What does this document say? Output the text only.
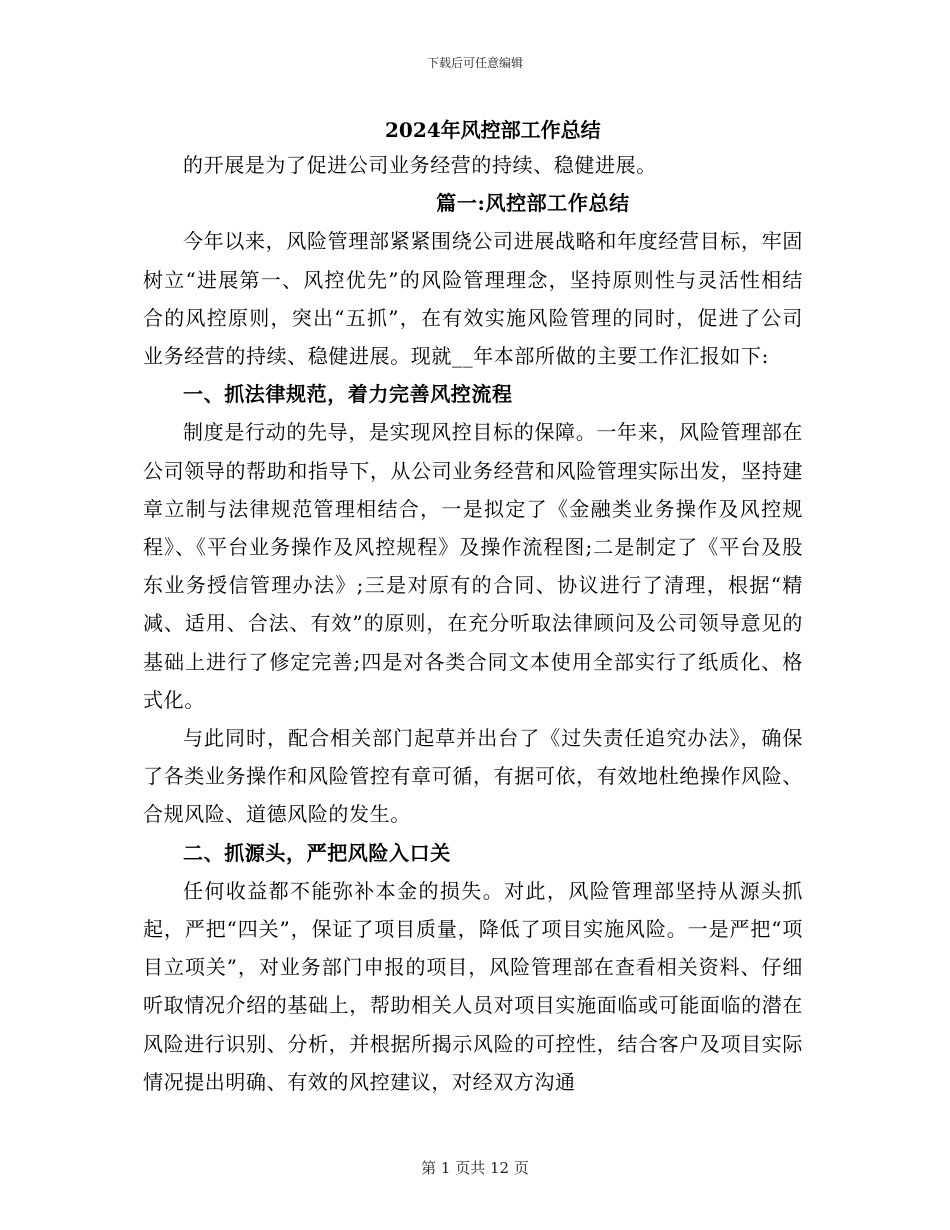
下载后可任意编辑
2024年风控部工作总结

的开展是为了促进公司业务经营的持续、稳健进展。

篇一:风控部工作总结

今年以来，风险管理部紧紧围绕公司进展战略和年度经营目标，牢固树立“进展第一、风控优先”的风险管理理念，坚持原则性与灵活性相结合的风控原则，突出“五抓”，在有效实施风险管理的同时，促进了公司业务经营的持续、稳健进展。现就__年本部所做的主要工作汇报如下:

一、抓法律规范，着力完善风控流程

制度是行动的先导，是实现风控目标的保障。一年来，风险管理部在公司领导的帮助和指导下，从公司业务经营和风险管理实际出发，坚持建章立制与法律规范管理相结合，一是拟定了《金融类业务操作及风控规程》、《平台业务操作及风控规程》及操作流程图;二是制定了《平台及股东业务授信管理办法》;三是对原有的合同、协议进行了清理，根据“精减、适用、合法、有效”的原则，在充分听取法律顾问及公司领导意见的基础上进行了修定完善;四是对各类合同文本使用全部实行了纸质化、格式化。

与此同时，配合相关部门起草并出台了《过失责任追究办法》，确保了各类业务操作和风险管控有章可循，有据可依，有效地杜绝操作风险、合规风险、道德风险的发生。

二、抓源头，严把风险入口关

任何收益都不能弥补本金的损失。对此，风险管理部坚持从源头抓起，严把“四关”，保证了项目质量，降低了项目实施风险。一是严把“项目立项关”，对业务部门申报的项目，风险管理部在查看相关资料、仔细听取情况介绍的基础上，帮助相关人员对项目实施面临或可能面临的潜在风险进行识别、分析，并根据所揭示风险的可控性，结合客户及项目实际情况提出明确、有效的风控建议，对经双方沟通

第 1 页共 12 页
